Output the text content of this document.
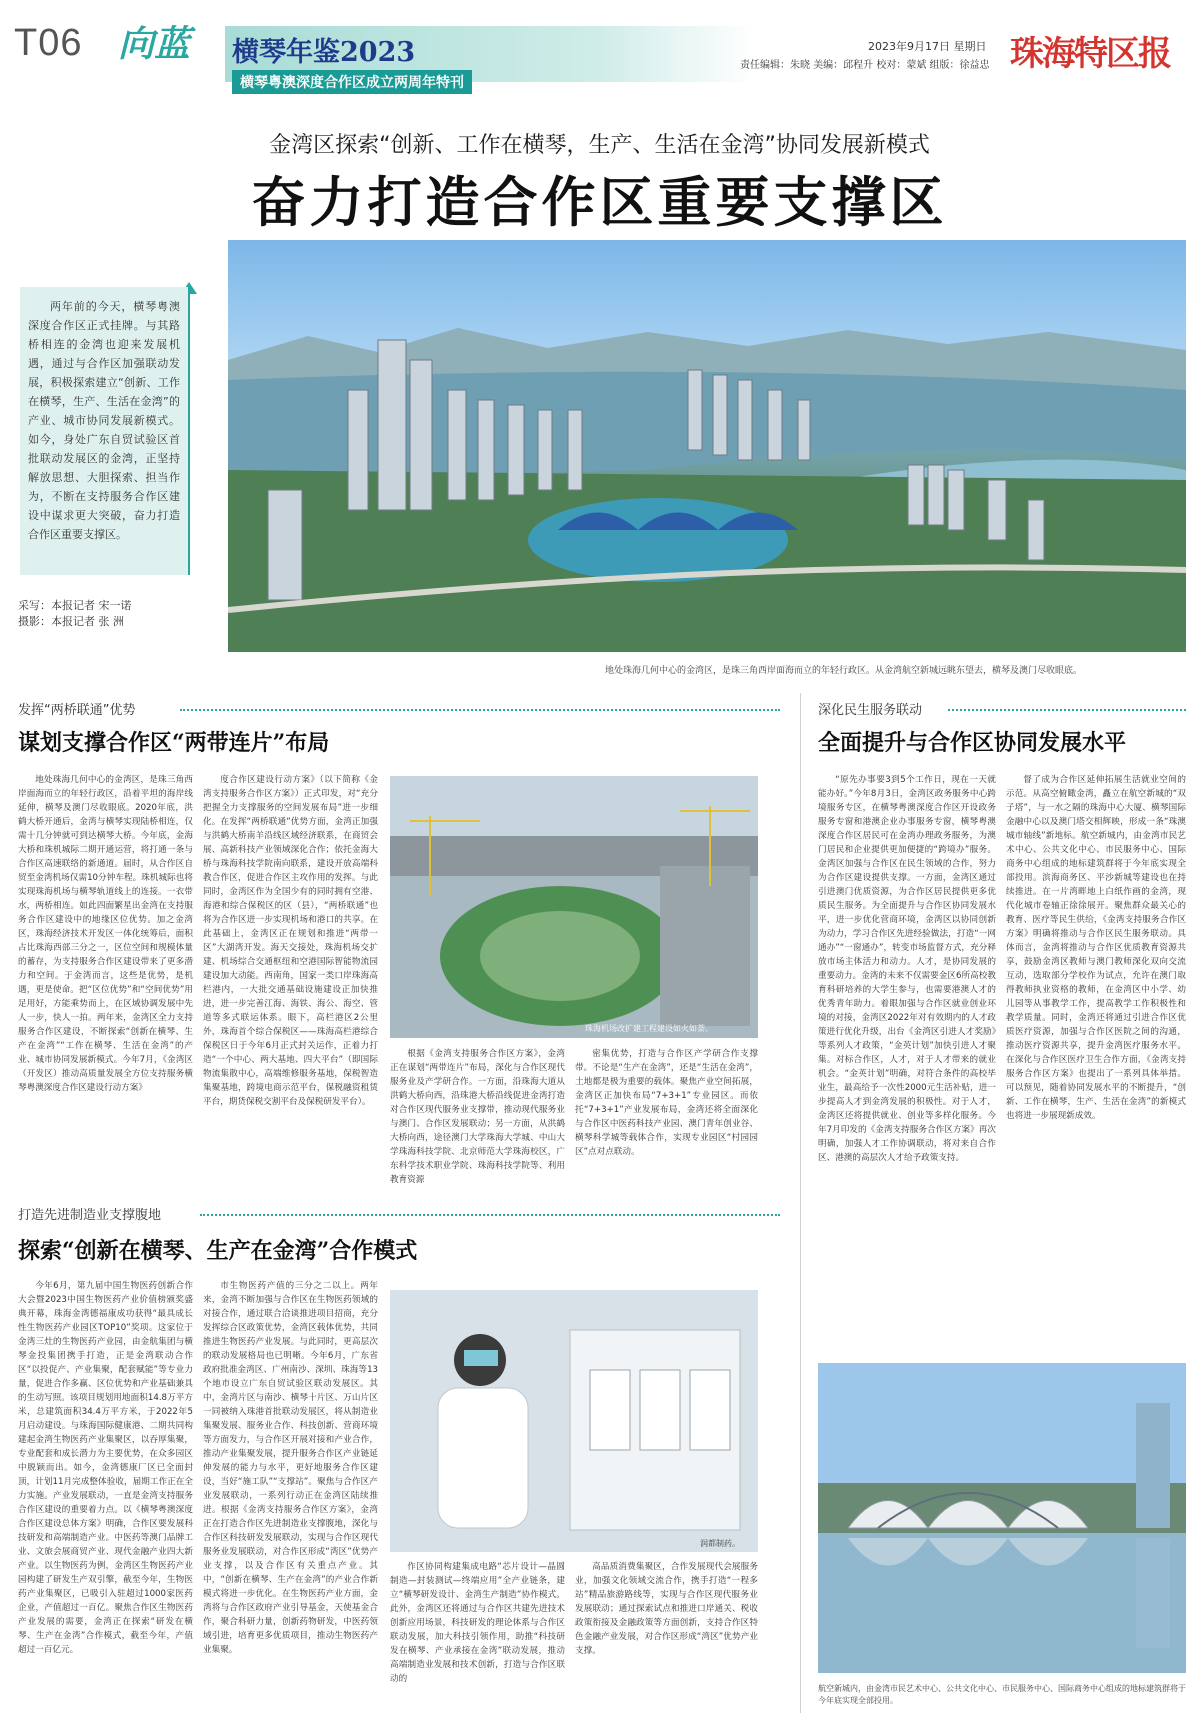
T06 向蓝 横琴年鉴2023
横琴粤澳深度合作区成立两周年特刊
2023年9月17日 星期日
责任编辑：朱晓 美编：邱程升 校对：蒙斌 组版：徐益忠 珠海特区报
金湾区探索“创新、工作在横琴，生产、生活在金湾”协同发展新模式
奋力打造合作区重要支撑区
两年前的今天，横琴粤澳深度合作区正式挂牌。与其路桥相连的金湾也迎来发展机遇，通过与合作区加强联动发展，积极探索建立“创新、工作在横琴，生产、生活在金湾”的产业、城市协同发展新模式。如今，身处广东自贸试验区首批联动发展区的金湾，正坚持解放思想、大胆探索、担当作为，不断在支持服务合作区建设中谋求更大突破，奋力打造合作区重要支撑区。
采写：本报记者 宋一诺
摄影：本报记者 张 洲
地处珠海几何中心的金湾区，是珠三角西岸面海而立的年轻行政区。从金湾航空新城远眺东望去，横琴及澳门尽收眼底。
发挥“两桥联通”优势
谋划支撑合作区“两带连片”布局

地处珠海几何中心的金湾区，是珠三角西岸面海而立的年轻行政区，沿着平坦的海岸线延伸，横琴及澳门尽收眼底。2020年底，洪鹤大桥开通后，金湾与横琴实现陆桥相连，仅需十几分钟就可到达横琴大桥。今年底，金海大桥和珠机城际二期开通运营，将打通一条与合作区高速联络的新通道。届时，从合作区自贸至金湾机场仅需10分钟车程。珠机城际也将实现珠海机场与横琴轨道线上的连接。一衣带水，两桥相连。如此四面繁星出金湾在支持服务合作区建设中的地缘区位优势。加之金湾区，珠海经济技术开发区一体化统筹后，面积占比珠海西部三分之一，区位空间和规模体量的蓄存，为支持服务合作区建设带来了更多潜力和空间。于金湾而言，这些是优势，是机遇，更是使命。把“区位优势”和“空间优势”用足用好，方能乘势而上，在区域协调发展中先人一步，快人一拍。两年来，金湾区全力支持服务合作区建设，不断探索“创新在横琴、生产在金湾”“工作在横琴、生活在金湾”的产业、城市协同发展新模式。今年7月，《金湾区（开发区）推动高质量发展全方位支持服务横琴粤澳深度合作区建设行动方案》

度合作区建设行动方案》（以下简称《金湾支持服务合作区方案》）正式印发，对“充分把握全力支撑服务的空间发展布局”进一步细化。在发挥“两桥联通”优势方面，金湾正加强与洪鹤大桥南羊沿线区域经济联系，在商贸会展、高新科技产业领域深化合作；依托金海大桥与珠海科技学院南向联系，建设开放高端科教合作区，促进合作区主攻作用的发挥。与此同时，金湾区作为全国少有的同时拥有空港、海港和综合保税区的区（县），“两桥联通”也将为合作区进一步实现机场和港口的共享。在此基础上，金湾区正在规划和推进“两带一区”大湖湾开发。海天交接处，珠海机场交扩建、机场综合交通枢纽和空港国际智能物流园建设加大动能。西南角，国家一类口岸珠海高栏港内，一大批交通基础设施建设正加快推进，进一步完善江海、海铁、海公、海空、管道等多式联运体系。眼下，高栏港区2公里外，珠海首个综合保税区——珠海高栏港综合保税区日于今年6月正式封关运作，正着力打造“一个中心、两大基地、四大平台”（即国际物流集散中心，高端维修服务基地，保税智造集聚基地，跨境电商示范平台，保税融资租赁平台，期货保税交割平台及保税研发平台）。

珠海机场改扩建工程建设如火如荼。

根据《金湾支持服务合作区方案》，金湾正在谋划“两带连片”布局，深化与合作区现代服务业及产学研合作。一方面，沿珠海大道从洪鹤大桥向西，沿珠港大桥沿线促进金湾打造对合作区现代服务业支撑带，推动现代服务业与澳门、合作区发展联动；另一方面，从洪鹤大桥向西，途径澳门大学珠海大学城、中山大学珠海科技学院、北京师范大学珠海校区，广东科学技术职业学院、珠海科技学院等、利用教育资源

密集优势，打造与合作区产学研合作支撑带。不论是“生产在金湾”，还是“生活在金湾”，土地都是极为重要的载体。聚焦产业空间拓展，金湾区正加快布局“7+3+1”专业园区。而依托“7+3+1”产业发展布局，金湾还将全面深化与合作区中医药科技产业园、澳门青年创业谷、横琴科学城等载体合作，实现专业园区“村园园区”点对点联动。

打造先进制造业支撑腹地
探索“创新在横琴、生产在金湾”合作模式

今年6月，第九届中国生物医药创新合作大会暨2023中国生物医药产业价值榜颁奖盛典开幕，珠海金湾德福康成功获得“最具成长性生物医药产业园区TOP10”奖项。这家位于金湾三灶的生物医药产业园，由金航集团与横琴金投集团携手打造，正是金湾联动合作区“以投促产、产业集聚，配套赋能”等专业力量，促进合作多赢、区位优势和产业基础兼具的生动写照。该项目规划用地面积14.8万平方米，总建筑面积34.4万平方米，于2022年5月启动建设。与珠海国际健康港、二期共同构建起金湾生物医药产业集聚区，以吞厚集聚，专业配套和成长潜力为主要优势，在众多园区中脱颖而出。如今，金湾德康厂区已全面封顶，计划11月完成整体验收，届期工作正在全力实施。产业发展联动，一直是金湾支持服务合作区建设的重要着力点。以《横琴粤澳深度合作区建设总体方案》明确，合作区要发展科技研发和高端制造产业。中医药等澳门品牌工业、文旅会展商贸产业、现代金融产业四大新产业。以生物医药为例，金湾区生物医药产业园构建了研发生产双引擎，截至今年，生物医药产业集聚区，已吸引入驻超过1000家医药企业，产值超过一百亿。聚焦合作区生物医药产业发展的需要，金湾正在探索“研发在横琴、生产在金湾”合作模式，截至今年，产值超过一百亿元。

市生物医药产值的三分之二以上。两年来，金湾不断加强与合作区在生物医药领域的对接合作，通过联合洽谈推进项目招商，充分发挥综合区政策优势，金湾区载体优势，共同推进生物医药产业发展。与此同时，更高层次的联动发展格局也已明晰。今年6月，广东省政府批准金湾区、广州南沙、深圳、珠海等13个地市设立广东自贸试验区联动发展区。其中，金湾片区与南沙、横琴十片区、万山片区一同被纳入珠港首批联动发展区，将从制造业集聚发展、服务业合作、科技创新、营商环境等方面发力，与合作区开展对接和产业合作，推动产业集聚发展，提升服务合作区产业链延伸发展的能力与水平，更好地服务合作区建设，当好“施工队”“支撑站”。聚焦与合作区产业发展联动，一系列行动正在金湾区陆续推进。根据《金湾支持服务合作区方案》，金湾正在打造合作区先进制造业支撑腹地，深化与合作区科技研发发展联动，实现与合作区现代服务业发展联动，对合作区形成“湾区”优势产业支撑，以及合作区有关重点产业。其中，“创新在横琴、生产在金湾”的产业合作新模式将进一步优化。在生物医药产业方面，金湾将与合作区政府产业引导基金，天使基金合作，聚合科研力量，创新药物研发，中医药领域引进，培育更多优质项目，推动生物医药产业集聚。

润都制药。

作区协同构建集成电路“芯片设计—晶圆制造—封装测试—终端应用”全产业链条，建立“横琴研发设计、金湾生产制造”协作模式。此外，金湾区还将通过与合作区共建先进技术创新应用场景，科技研发的理论体系与合作区联动发展，加大科技引领作用，助推“科技研发在横琴、产业承接在金湾”联动发展，推动高端制造业发展和技术创新，打造与合作区联动的

高品质消费集聚区，合作发展现代会展服务业，加强文化领域交流合作，携手打造“一程多站”精品旅游路线等，实现与合作区现代服务业发展联动；通过探索试点和推进口岸通关、税收政策衔接及金融政策等方面创新，支持合作区特色金融产业发展，对合作区形成“湾区”优势产业支撑。

深化民生服务联动
全面提升与合作区协同发展水平

“原先办事要3到5个工作日，现在一天就能办好。”今年8月3日，金湾区政务服务中心跨境服务专区，在横琴粤澳深度合作区开设政务服务专窗和港澳企业办事服务专窗，横琴粤澳深度合作区居民可在金湾办理政务服务，为澳门居民和企业提供更加便捷的“跨境办”服务。金湾区加强与合作区在民生领域的合作，努力为合作区建设提供支撑。一方面，金湾区通过引进澳门优质资源，为合作区居民提供更多优质民生服务。为全面提升与合作区协同发展水平，进一步优化营商环境，金湾区以协同创新为动力，学习合作区先进经验做法，打造“一网通办”“一窗通办”，转变市场监督方式，充分释放市场主体活力和动力。人才，是协同发展的重要动力。金湾的未来不仅需要金区6所高校教育科研培养的大学生参与，也需要港澳人才的优秀青年助力。着眼加强与合作区就业创业环境的对接，金湾区2022年对有效期内的人才政策进行优化升级，出台《金湾区引进人才奖励》等系列人才政策，“金英计划”加快引进人才聚集。对标合作区，人才，对于人才带来的就业机会。“金英计划”明确，对符合条件的高校毕业生，最高给予一次性2000元生活补贴，进一步提高人才到金湾发展的积极性。对于人才，金湾区还将提供就业、创业等多样化服务。今年7月印发的《金湾支持服务合作区方案》再次明确，加强人才工作协调联动，将对来自合作区、港澳的高层次人才给予政策支持。

督了成为合作区延伸拓展生活就业空间的示范。从高空俯瞰金湾，矗立在航空新城的“双子塔”，与一水之隔的珠海中心大厦、横琴国际金融中心以及澳门塔交相辉映，形成一条“珠澳城市轴线”新地标。航空新城内，由金湾市民艺术中心、公共文化中心、市民服务中心、国际商务中心组成的地标建筑群将于今年底实现全部投用。滨海商务区、平沙新城等建设也在持续推进。在一片湾畔地上白纸作画的金湾，现代化城市卷轴正徐徐展开。聚焦群众最关心的教育、医疗等民生供给，《金湾支持服务合作区方案》明确将推动与合作区民生服务联动。具体而言，金湾将推动与合作区优质教育资源共享，鼓励金湾区教师与澳门教师深化双向交流互动，选取部分学校作为试点，允许在澳门取得教师执业资格的教师，在金湾区中小学、幼儿园等从事教学工作，提高教学工作积极性和教学质量。同时，金湾还将通过引进合作区优质医疗资源，加强与合作区医院之间的沟通，推动医疗资源共享，提升金湾医疗服务水平。在深化与合作区医疗卫生合作方面，《金湾支持服务合作区方案》也提出了一系列具体举措。可以预见，随着协同发展水平的不断提升，“创新、工作在横琴，生产、生活在金湾”的新模式也将进一步展现新成效。

航空新城内，由金湾市民艺术中心、公共文化中心、市民服务中心、国际商务中心组成的地标建筑群将于今年底实现全部投用。
